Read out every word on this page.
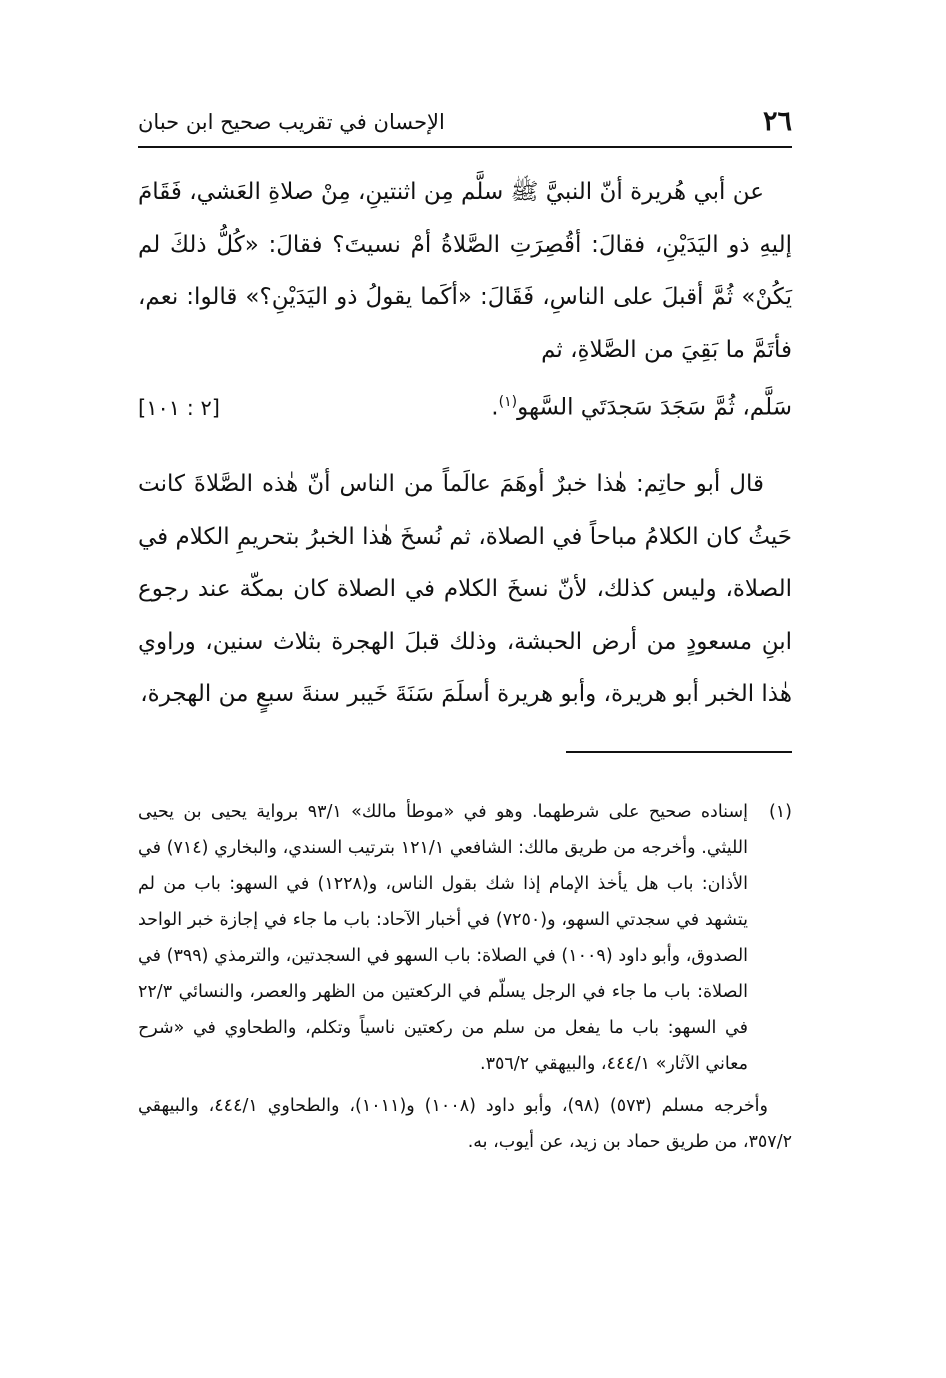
٢٦
الإحسان في تقريب صحيح ابن حبان

عن أبي هُريرة أنّ النبيَّ ﷺ سلَّم مِن اثنتينِ، مِنْ صلاةِ العَشي، فَقَامَ إليهِ ذو اليَدَيْنِ، فقالَ: أقُصِرَتِ الصَّلاةُ أمْ نسيتَ؟ فقالَ: «كُلُّ ذلكَ لم يَكُنْ» ثُمَّ أقبلَ على الناسِ، فَقَالَ: «أكَما يقولُ ذو اليَدَيْنِ؟» قالوا: نعم، فأتَمَّ ما بَقِيَ من الصَّلاةِ، ثم

سَلَّم، ثُمَّ سَجَدَ سَجدَتَي السَّهو$^{(١)}$.
[٢ : ١٠١]

قال أبو حاتِم: هٰذا خبرٌ أوهَمَ عالَماً من الناس أنّ هٰذه الصَّلاةَ كانت حَيثُ كان الكلامُ مباحاً في الصلاة، ثم نُسخَ هٰذا الخبرُ بتحريمِ الكلام في الصلاة، وليس كذلك، لأنّ نسخَ الكلام في الصلاة كان بمكّة عند رجوع ابنِ مسعودٍ من أرض الحبشة، وذلك قبلَ الهجرة بثلاث سنين، وراوي هٰذا الخبر أبو هريرة، وأبو هريرة أسلَمَ سَنَةَ خَيبر سنةَ سبعٍ من الهجرة،

(١)إسناده صحيح على شرطهما. وهو في «موطأ مالك» ٩٣/١ برواية يحيى بن يحيى الليثي. وأخرجه من طريق مالك: الشافعي ١٢١/١ بترتيب السندي، والبخاري (٧١٤) في الأذان: باب هل يأخذ الإمام إذا شك بقول الناس، و(١٢٢٨) في السهو: باب من لم يتشهد في سجدتي السهو، و(٧٢٥٠) في أخبار الآحاد: باب ما جاء في إجازة خبر الواحد الصدوق، وأبو داود (١٠٠٩) في الصلاة: باب السهو في السجدتين، والترمذي (٣٩٩) في الصلاة: باب ما جاء في الرجل يسلّم في الركعتين من الظهر والعصر، والنسائي ٢٢/٣ في السهو: باب ما يفعل من سلم من ركعتين ناسياً وتكلم، والطحاوي في «شرح معاني الآثار» ٤٤٤/١، والبيهقي ٣٥٦/٢.

وأخرجه مسلم (٥٧٣) (٩٨)، وأبو داود (١٠٠٨) و(١٠١١)، والطحاوي ٤٤٤/١، والبيهقي ٣٥٧/٢، من طريق حماد بن زيد، عن أيوب، به.
